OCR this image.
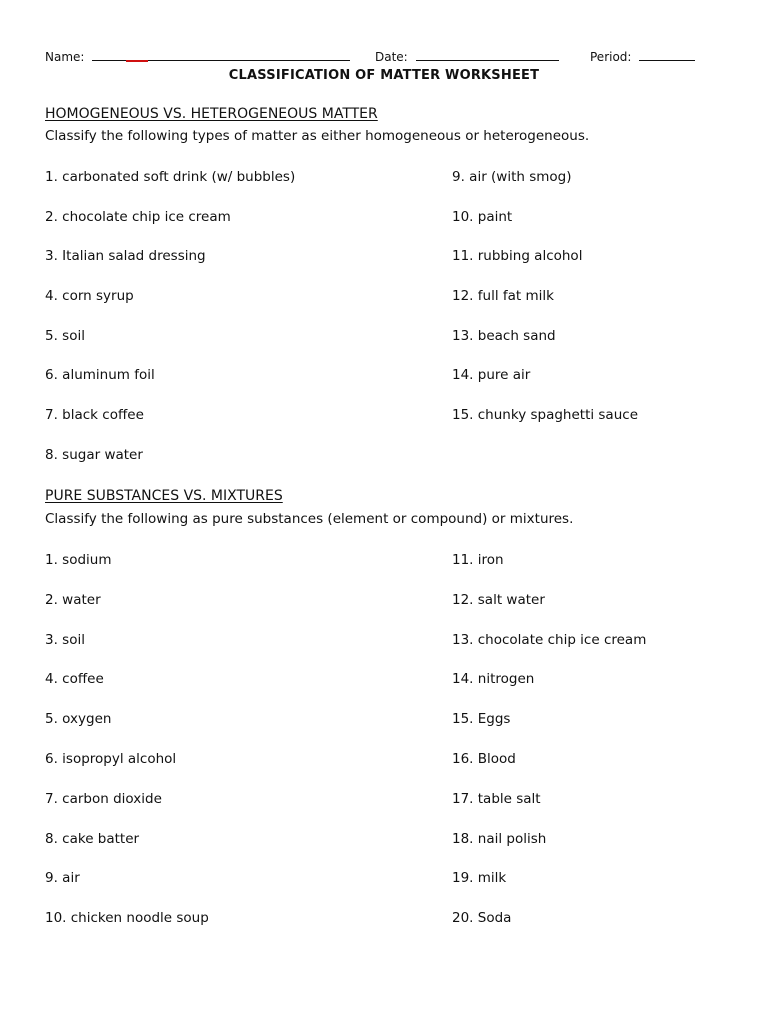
Name:	Date:	Period:
CLASSIFICATION OF MATTER WORKSHEET
HOMOGENEOUS VS. HETEROGENEOUS MATTER
Classify the following types of matter as either homogeneous or heterogeneous.
1. carbonated soft drink (w/ bubbles)
2. chocolate chip ice cream
3. Italian salad dressing
4. corn syrup
5. soil
6. aluminum foil
7. black coffee
8. sugar water
9. air (with smog)
10. paint
11. rubbing alcohol
12. full fat milk
13. beach sand
14. pure air
15. chunky spaghetti sauce
PURE SUBSTANCES VS. MIXTURES
Classify the following as pure substances (element or compound) or mixtures.
1. sodium
2. water
3. soil
4. coffee
5. oxygen
6. isopropyl alcohol
7. carbon dioxide
8. cake batter
9. air
10. chicken noodle soup
11. iron
12. salt water
13. chocolate chip ice cream
14. nitrogen
15. Eggs
16. Blood
17. table salt
18. nail polish
19. milk
20. Soda
